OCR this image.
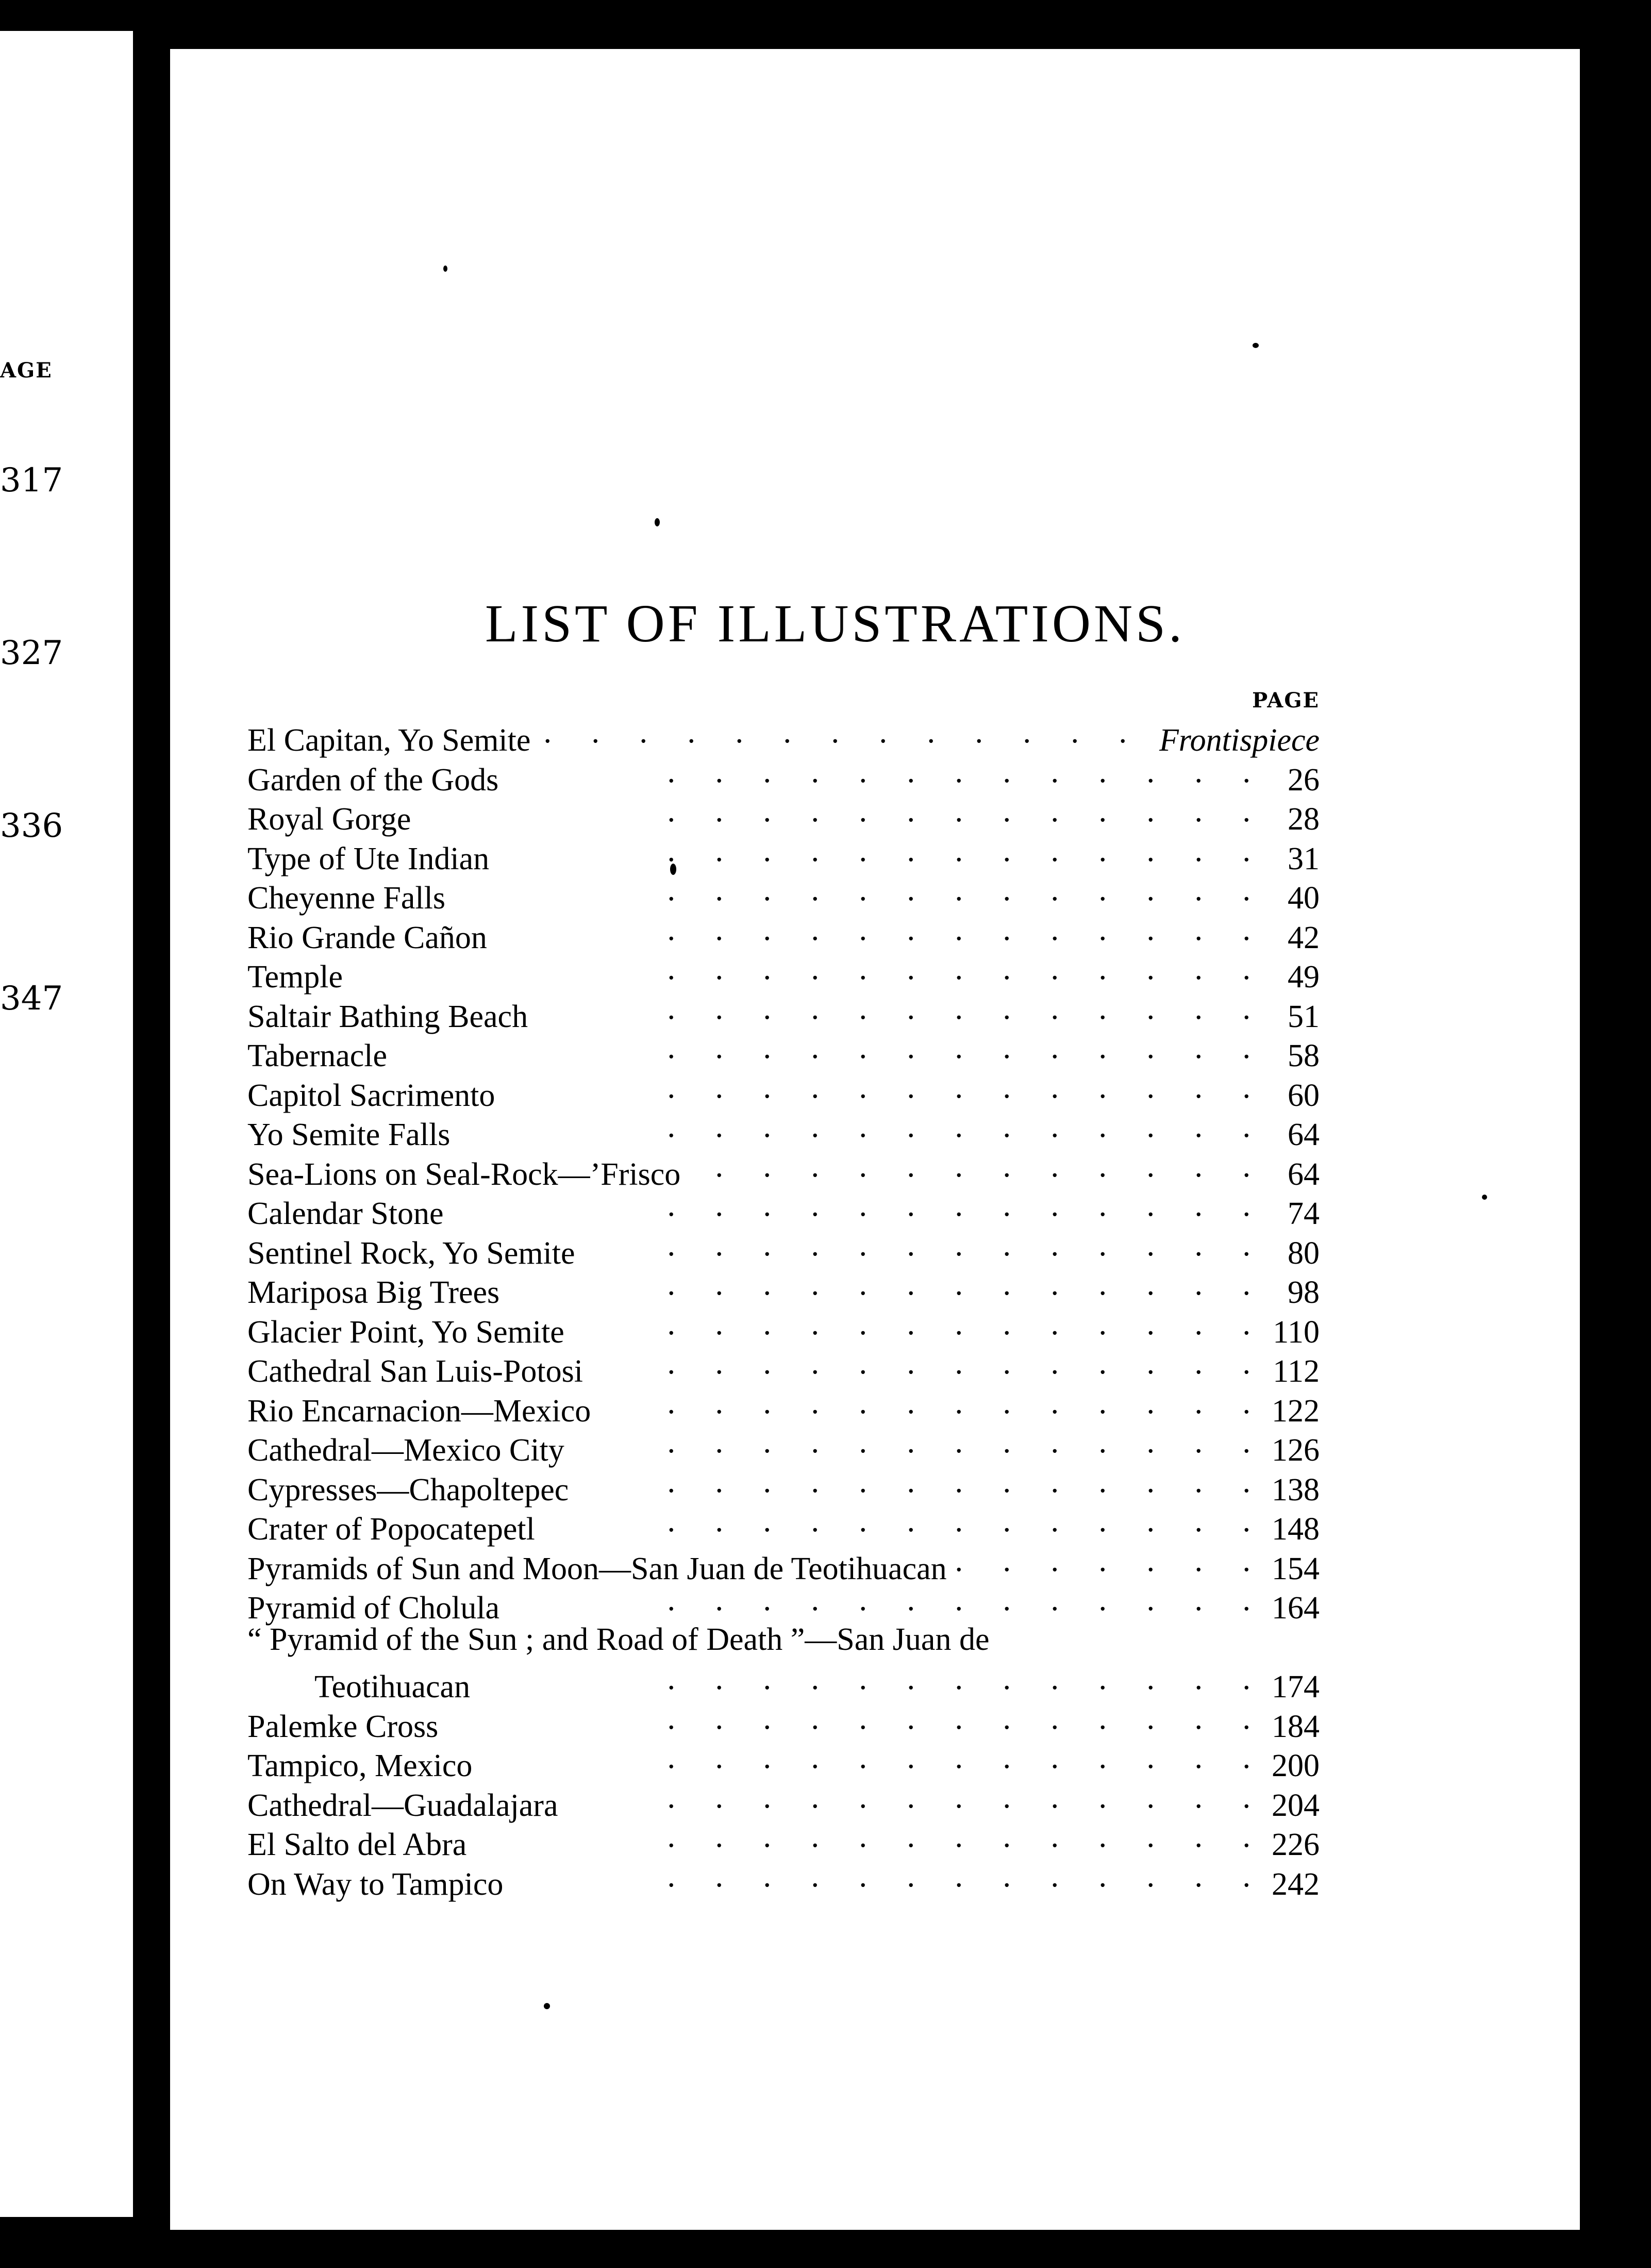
AGE
317
327
336
347
LIST OF ILLUSTRATIONS.
PAGE
El Capitan, Yo Semite .	Frontispiece
Garden of the Gods .	26
Royal Gorge .	28
Type of Ute Indian .	31
Cheyenne Falls .	40
Rio Grande Cañon .	42
Temple .	49
Saltair Bathing Beach .	51
Tabernacle .	58
Capitol Sacrimento .	60
Yo Semite Falls .	64
Sea-Lions on Seal-Rock—’Frisco .	64
Calendar Stone .	74
Sentinel Rock, Yo Semite .	80
Mariposa Big Trees .	98
Glacier Point, Yo Semite .	110
Cathedral San Luis-Potosi .	112
Rio Encarnacion—Mexico .	122
Cathedral—Mexico City .	126
Cypresses—Chapoltepec .	138
Crater of Popocatepetl .	148
Pyramids of Sun and Moon—San Juan de Teotihuacan .	154
Pyramid of Cholula .	164
“ Pyramid of the Sun ; and Road of Death ”—San Juan de
Teotihuacan .	174
Palemke Cross .	184
Tampico, Mexico .	200
Cathedral—Guadalajara .	204
El Salto del Abra .	226
On Way to Tampico .	242
